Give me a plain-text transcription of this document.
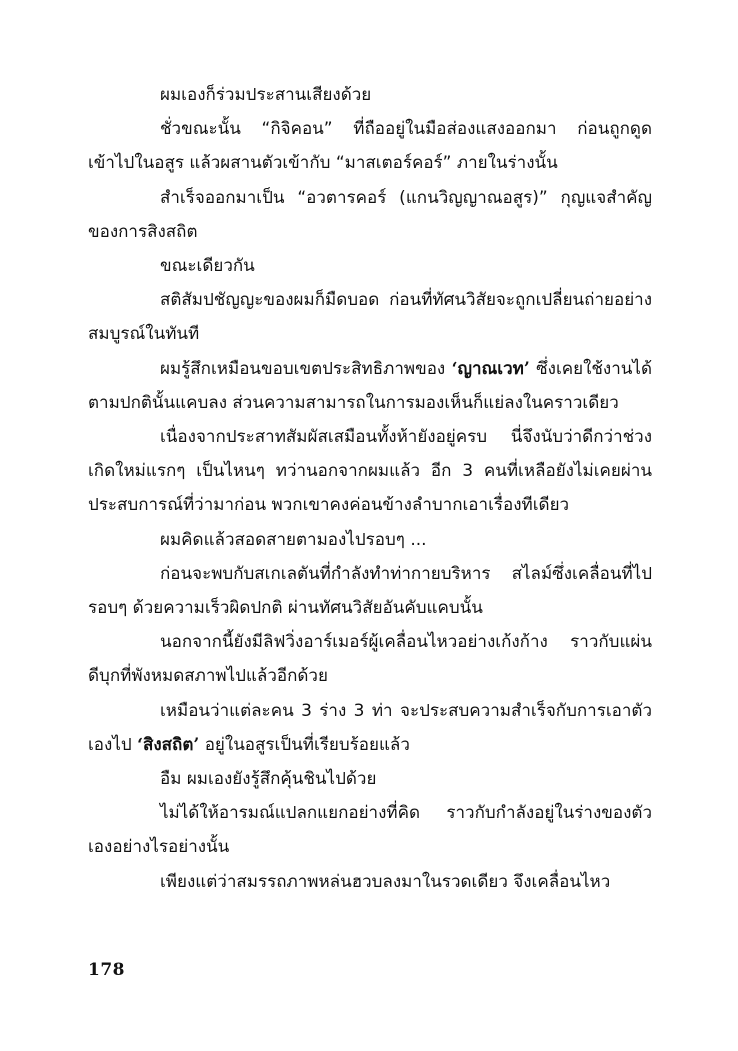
ผมเองก็ร่วมประสานเสียงด้วย

ชั่วขณะนั้น “กิจิคอน” ที่ถืออยู่ในมือส่องแสงออกมา ก่อนถูกดูดเข้าไปในอสูร แล้วผสานตัวเข้ากับ “มาสเตอร์คอร์” ภายในร่างนั้น

สำเร็จออกมาเป็น “อวตารคอร์ (แกนวิญญาณอสูร)” กุญแจสำคัญของการสิงสถิต

ขณะเดียวกัน

สติสัมปชัญญะของผมก็มืดบอด ก่อนที่ทัศนวิสัยจะถูกเปลี่ยนถ่ายอย่างสมบูรณ์ในทันที

ผมรู้สึกเหมือนขอบเขตประสิทธิภาพของ ‘ญาณเวท’ ซึ่งเคยใช้งานได้ตามปกตินั้นแคบลง ส่วนความสามารถในการมองเห็นก็แย่ลงในคราวเดียว

เนื่องจากประสาทสัมผัสเสมือนทั้งห้ายังอยู่ครบ นี่จึงนับว่าดีกว่าช่วงเกิดใหม่แรกๆ เป็นไหนๆ ทว่านอกจากผมแล้ว อีก 3 คนที่เหลือยังไม่เคยผ่านประสบการณ์ที่ว่ามาก่อน พวกเขาคงค่อนข้างลำบากเอาเรื่องทีเดียว

ผมคิดแล้วสอดสายตามองไปรอบๆ ...

ก่อนจะพบกับสเกเลตันที่กำลังทำท่ากายบริหาร สไลม์ซึ่งเคลื่อนที่ไปรอบๆ ด้วยความเร็วผิดปกติ ผ่านทัศนวิสัยอันคับแคบนั้น

นอกจากนี้ยังมีลิฟวิ่งอาร์เมอร์ผู้เคลื่อนไหวอย่างเก้งก้าง ราวกับแผ่นดีบุกที่พังหมดสภาพไปแล้วอีกด้วย

เหมือนว่าแต่ละคน 3 ร่าง 3 ท่า จะประสบความสำเร็จกับการเอาตัวเองไป ‘สิงสถิต’ อยู่ในอสูรเป็นที่เรียบร้อยแล้ว

อืม ผมเองยังรู้สึกคุ้นชินไปด้วย

ไม่ได้ให้อารมณ์แปลกแยกอย่างที่คิด ราวกับกำลังอยู่ในร่างของตัวเองอย่างไรอย่างนั้น

เพียงแต่ว่าสมรรถภาพหล่นฮวบลงมาในรวดเดียว จึงเคลื่อนไหว

178
